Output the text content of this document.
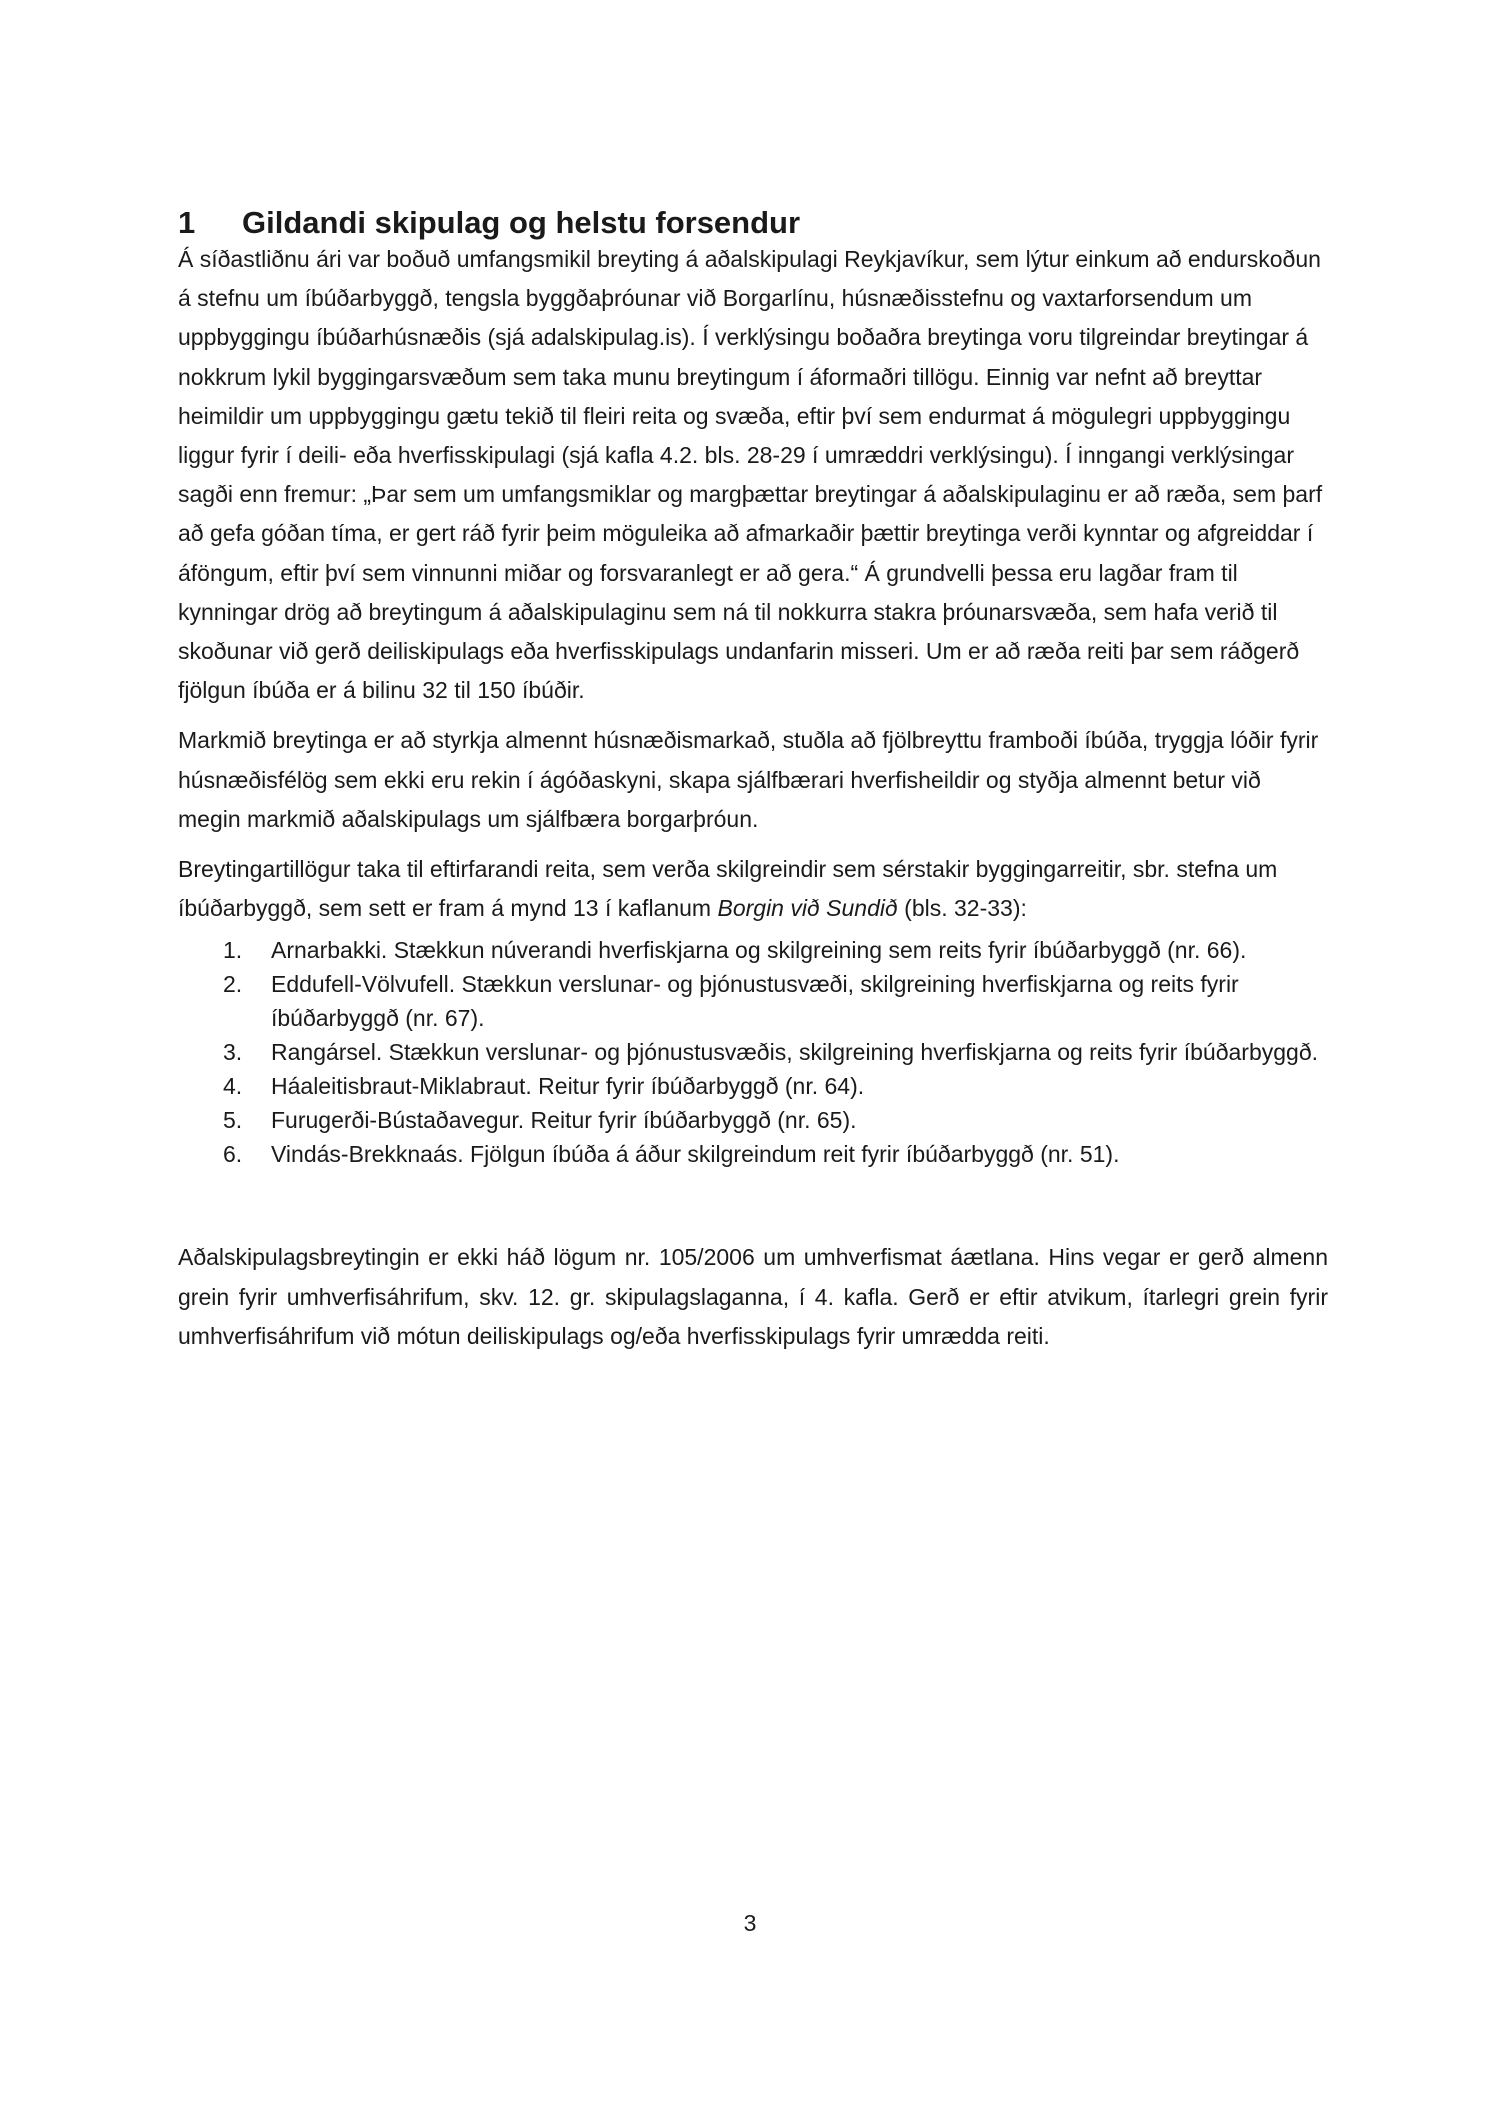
1 Gildandi skipulag og helstu forsendur

Á síðastliðnu ári var boðuð umfangsmikil breyting á aðalskipulagi Reykjavíkur, sem lýtur einkum að endurskoðun á stefnu um íbúðarbyggð, tengsla byggðaþróunar við Borgarlínu, húsnæðisstefnu og vaxtarforsendum um uppbyggingu íbúðarhúsnæðis (sjá adalskipulag.is). Í verklýsingu boðaðra breytinga voru tilgreindar breytingar á nokkrum lykil byggingarsvæðum sem taka munu breytingum í áformaðri tillögu. Einnig var nefnt að breyttar heimildir um uppbyggingu gætu tekið til fleiri reita og svæða, eftir því sem endurmat á mögulegri uppbyggingu liggur fyrir í deili- eða hverfisskipulagi (sjá kafla 4.2. bls. 28-29 í umræddri verklýsingu). Í inngangi verklýsingar sagði enn fremur: „Þar sem um umfangsmiklar og margþættar breytingar á aðalskipulaginu er að ræða, sem þarf að gefa góðan tíma, er gert ráð fyrir þeim möguleika að afmarkaðir þættir breytinga verði kynntar og afgreiddar í áföngum, eftir því sem vinnunni miðar og forsvaranlegt er að gera.“ Á grundvelli þessa eru lagðar fram til kynningar drög að breytingum á aðalskipulaginu sem ná til nokkurra stakra þróunarsvæða, sem hafa verið til skoðunar við gerð deiliskipulags eða hverfisskipulags undanfarin misseri. Um er að ræða reiti þar sem ráðgerð fjölgun íbúða er á bilinu 32 til 150 íbúðir.

Markmið breytinga er að styrkja almennt húsnæðismarkað, stuðla að fjölbreyttu framboði íbúða, tryggja lóðir fyrir húsnæðisfélög sem ekki eru rekin í ágóðaskyni, skapa sjálfbærari hverfisheildir og styðja almennt betur við megin markmið aðalskipulags um sjálfbæra borgarþróun.

Breytingartillögur taka til eftirfarandi reita, sem verða skilgreindir sem sérstakir byggingarreitir, sbr. stefna um íbúðarbyggð, sem sett er fram á mynd 13 í kaflanum Borgin við Sundið (bls. 32-33):

1. Arnarbakki. Stækkun núverandi hverfiskjarna og skilgreining sem reits fyrir íbúðarbyggð (nr. 66).
2. Eddufell-Völvufell. Stækkun verslunar- og þjónustusvæði, skilgreining hverfiskjarna og reits fyrir íbúðarbyggð (nr. 67).
3. Rangársel. Stækkun verslunar- og þjónustusvæðis, skilgreining hverfiskjarna og reits fyrir íbúðarbyggð.
4. Háaleitisbraut-Miklabraut. Reitur fyrir íbúðarbyggð (nr. 64).
5. Furugerði-Bústaðavegur. Reitur fyrir íbúðarbyggð (nr. 65).
6. Vindás-Brekknaás. Fjölgun íbúða á áður skilgreindum reit fyrir íbúðarbyggð (nr. 51).

Aðalskipulagsbreytingin er ekki háð lögum nr. 105/2006 um umhverfismat áætlana. Hins vegar er gerð almenn grein fyrir umhverfisáhrifum, skv. 12. gr. skipulagslaganna, í 4. kafla. Gerð er eftir atvikum, ítarlegri grein fyrir umhverfisáhrifum við mótun deiliskipulags og/eða hverfisskipulags fyrir umrædda reiti.

3
